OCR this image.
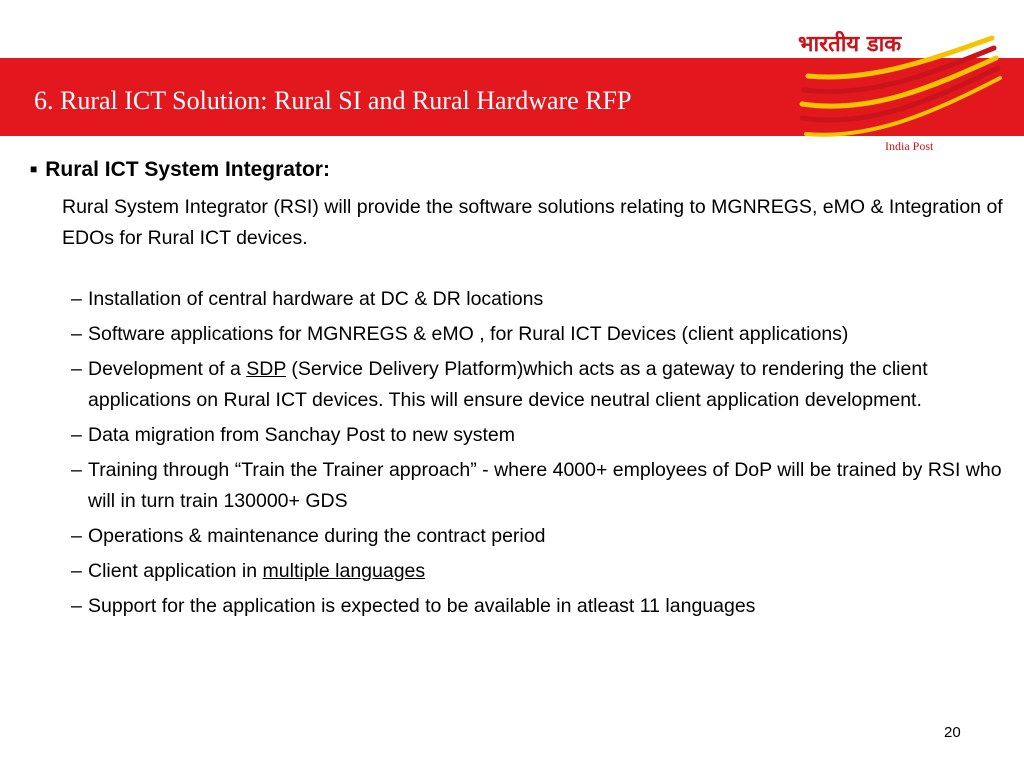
6. Rural ICT Solution: Rural SI and Rural Hardware RFP

भारतीय डाक

India Post

■ Rural ICT System Integrator:

Rural System Integrator (RSI) will provide the software solutions relating to MGNREGS, eMO & Integration of EDOs for Rural ICT devices.

– Installation of central hardware at DC & DR locations
– Software applications for MGNREGS & eMO , for Rural ICT Devices (client applications)
– Development of a SDP (Service Delivery Platform)which acts as a gateway to rendering the client applications on Rural ICT devices. This will ensure device neutral client application development.
– Data migration from Sanchay Post to new system
– Training through “Train the Trainer approach” - where 4000+ employees of DoP will be trained by RSI who will in turn train 130000+ GDS
– Operations & maintenance during the contract period
– Client application in multiple languages
– Support for the application is expected to be available in atleast 11 languages

20
